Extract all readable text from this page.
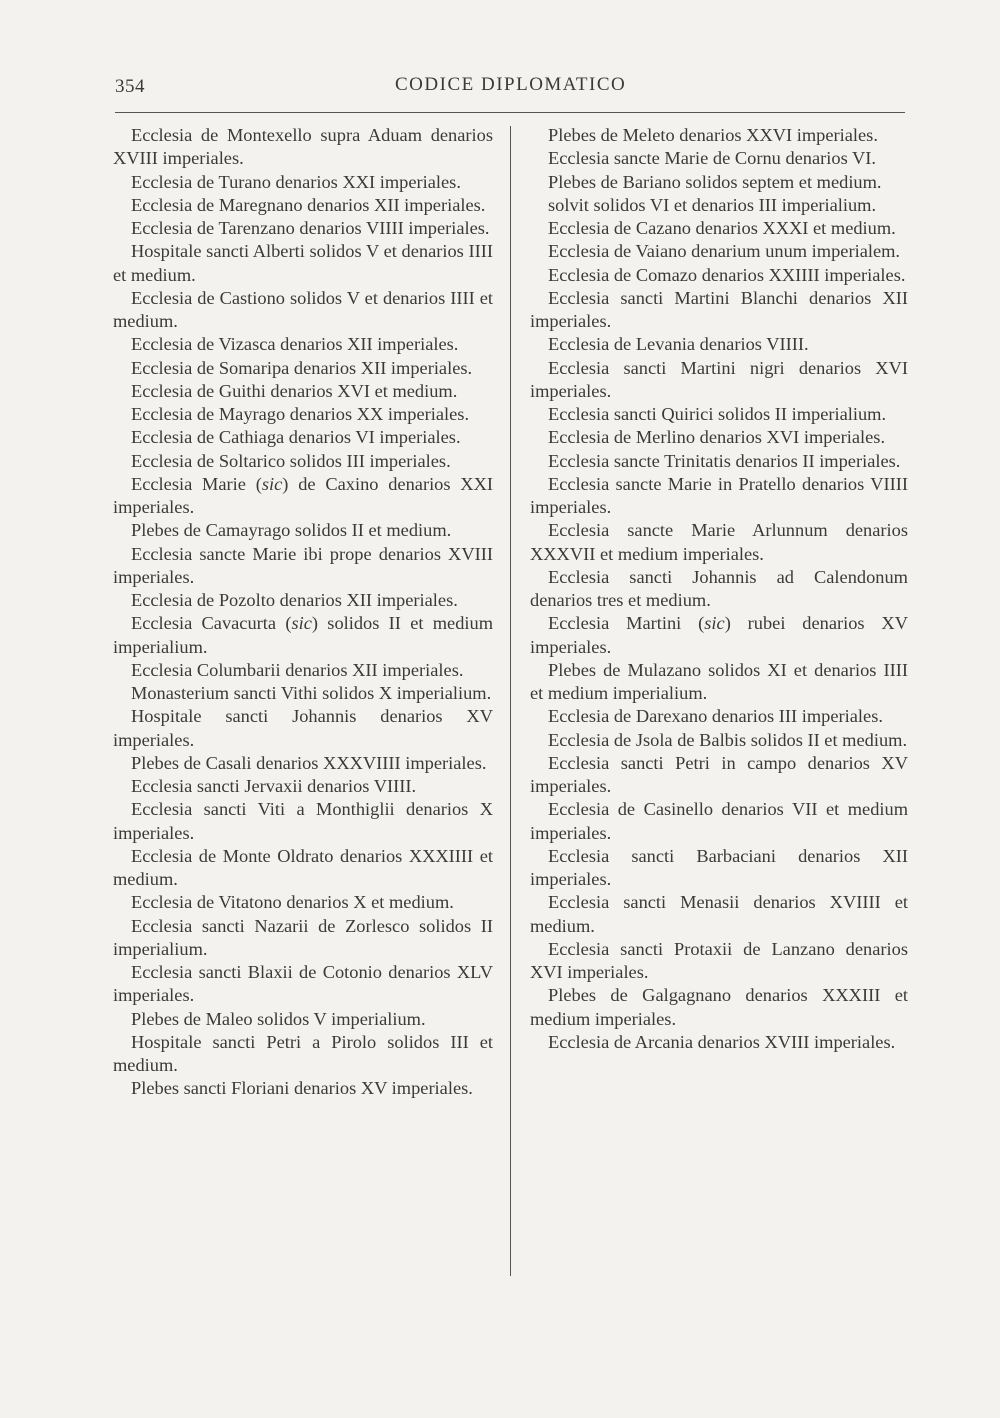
354	CODICE DIPLOMATICO

Ecclesia de Montexello supra Aduam denarios XVIII imperiales.

Ecclesia de Turano denarios XXI imperiales.

Ecclesia de Maregnano denarios XII imperiales.

Ecclesia de Tarenzano denarios VIIII imperiales.

Hospitale sancti Alberti solidos V et denarios IIII et medium.

Ecclesia de Castiono solidos V et denarios IIII et medium.

Ecclesia de Vizasca denarios XII imperiales.

Ecclesia de Somaripa denarios XII imperiales.

Ecclesia de Guithi denarios XVI et medium.

Ecclesia de Mayrago denarios XX imperiales.

Ecclesia de Cathiaga denarios VI imperiales.

Ecclesia de Soltarico solidos III imperiales.

Ecclesia Marie (sic) de Caxino denarios XXI imperiales.

Plebes de Camayrago solidos II et medium.

Ecclesia sancte Marie ibi prope denarios XVIII imperiales.

Ecclesia de Pozolto denarios XII imperiales.

Ecclesia Cavacurta (sic) solidos II et medium imperialium.

Ecclesia Columbarii denarios XII imperiales.

Monasterium sancti Vithi solidos X imperialium.

Hospitale sancti Johannis denarios XV imperiales.

Plebes de Casali denarios XXXVIIII imperiales.

Ecclesia sancti Jervaxii denarios VIIII.

Ecclesia sancti Viti a Monthiglii denarios X imperiales.

Ecclesia de Monte Oldrato denarios XXXIIII et medium.

Ecclesia de Vitatono denarios X et medium.

Ecclesia sancti Nazarii de Zorlesco solidos II imperialium.

Ecclesia sancti Blaxii de Cotonio denarios XLV imperiales.

Plebes de Maleo solidos V imperialium.

Hospitale sancti Petri a Pirolo solidos III et medium.

Plebes sancti Floriani denarios XV imperiales.

Plebes de Meleto denarios XXVI imperiales.

Ecclesia sancte Marie de Cornu denarios VI.

Plebes de Bariano solidos septem et medium.

solvit solidos VI et denarios III imperialium.

Ecclesia de Cazano denarios XXXI et medium.

Ecclesia de Vaiano denarium unum imperialem.

Ecclesia de Comazo denarios XXIIII imperiales.

Ecclesia sancti Martini Blanchi denarios XII imperiales.

Ecclesia de Levania denarios VIIII.

Ecclesia sancti Martini nigri denarios XVI imperiales.

Ecclesia sancti Quirici solidos II imperialium.

Ecclesia de Merlino denarios XVI imperiales.

Ecclesia sancte Trinitatis denarios II imperiales.

Ecclesia sancte Marie in Pratello denarios VIIII imperiales.

Ecclesia sancte Marie Arlunnum denarios XXXVII et medium imperiales.

Ecclesia sancti Johannis ad Calendonum denarios tres et medium.

Ecclesia Martini (sic) rubei denarios XV imperiales.

Plebes de Mulazano solidos XI et denarios IIII et medium imperialium.

Ecclesia de Darexano denarios III imperiales.

Ecclesia de Jsola de Balbis solidos II et medium.

Ecclesia sancti Petri in campo denarios XV imperiales.

Ecclesia de Casinello denarios VII et medium imperiales.

Ecclesia sancti Barbaciani denarios XII imperiales.

Ecclesia sancti Menasii denarios XVIIII et medium.

Ecclesia sancti Protaxii de Lanzano denarios XVI imperiales.

Plebes de Galgagnano denarios XXXIII et medium imperiales.

Ecclesia de Arcania denarios XVIII imperiales.
